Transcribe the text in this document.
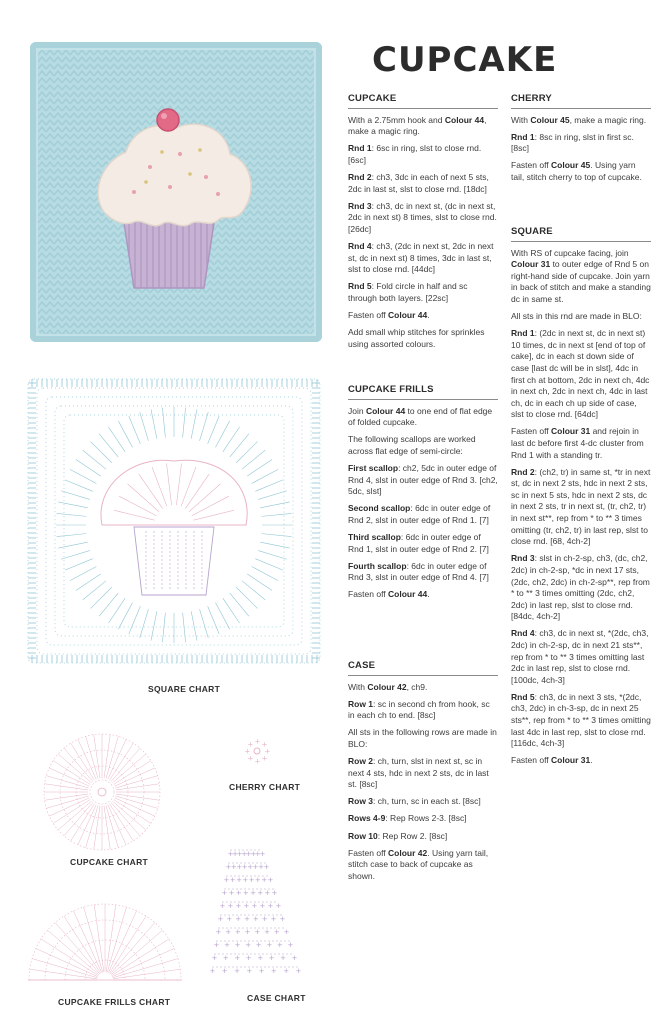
SQUARE CHART
CUPCAKE CHART
+
+
+
+
+
+ + +
CHERRY CHART
CUPCAKE FRILLS CHART
+
+
+
+
+
+
+
+
+ + + + + + + +
+ + + + + + + +
+ + + + + + + +
+ + + + + + + +
+ + + + + + + +
+ + + + + + + +
+ + + + + + + +
+ + + + + + + +
+ + + + + + + +
CASE CHART
CUPCAKE
CUPCAKE
With a 2.75mm hook and Colour 44, make a magic ring.
Rnd 1: 6sc in ring, slst to close rnd. [6sc]
Rnd 2: ch3, 3dc in each of next 5 sts, 2dc in last st, slst to close rnd. [18dc]
Rnd 3: ch3, dc in next st, (dc in next st, 2dc in next st) 8 times, slst to close rnd. [26dc]
Rnd 4: ch3, (2dc in next st, 2dc in next st, dc in next st) 8 times, 3dc in last st, slst to close rnd. [44dc]
Rnd 5: Fold circle in half and sc through both layers. [22sc]
Fasten off Colour 44.
Add small whip stitches for sprinkles using assorted colours.
CUPCAKE FRILLS
Join Colour 44 to one end of flat edge of folded cupcake.
The following scallops are worked across flat edge of semi-circle:
First scallop: ch2, 5dc in outer edge of Rnd 4, slst in outer edge of Rnd 3. [ch2, 5dc, slst]
Second scallop: 6dc in outer edge of Rnd 2, slst in outer edge of Rnd 1. [7]
Third scallop: 6dc in outer edge of Rnd 1, slst in outer edge of Rnd 2. [7]
Fourth scallop: 6dc in outer edge of Rnd 3, slst in outer edge of Rnd 4. [7]
Fasten off Colour 44.
CASE
With Colour 42, ch9.
Row 1: sc in second ch from hook, sc in each ch to end. [8sc]
All sts in the following rows are made in BLO:
Row 2: ch, turn, slst in next st, sc in next 4 sts, hdc in next 2 sts, dc in last st. [8sc]
Row 3: ch, turn, sc in each st. [8sc]
Rows 4-9: Rep Rows 2-3. [8sc]
Row 10: Rep Row 2. [8sc]
Fasten off Colour 42. Using yarn tail, stitch case to back of cupcake as shown.
CHERRY
With Colour 45, make a magic ring.
Rnd 1: 8sc in ring, slst in first sc. [8sc]
Fasten off Colour 45. Using yarn tail, stitch cherry to top of cupcake.
SQUARE
With RS of cupcake facing, join Colour 31 to outer edge of Rnd 5 on right-hand side of cupcake. Join yarn in back of stitch and make a standing dc in same st.
All sts in this rnd are made in BLO:
Rnd 1: (2dc in next st, dc in next st) 10 times, dc in next st [end of top of cake], dc in each st down side of case [last dc will be in slst], 4dc in first ch at bottom, 2dc in next ch, 4dc in next ch, 2dc in next ch, 4dc in last ch, dc in each ch up side of case, slst to close rnd. [64dc]
Fasten off Colour 31 and rejoin in last dc before first 4-dc cluster from Rnd 1 with a standing tr.
Rnd 2: (ch2, tr) in same st, *tr in next st, dc in next 2 sts, hdc in next 2 sts, sc in next 5 sts, hdc in next 2 sts, dc in next 2 sts, tr in next st, (tr, ch2, tr) in next st**, rep from * to ** 3 times omitting (tr, ch2, tr) in last rep, slst to close rnd. [68, 4ch-2]
Rnd 3: slst in ch-2-sp, ch3, (dc, ch2, 2dc) in ch-2-sp, *dc in next 17 sts, (2dc, ch2, 2dc) in ch-2-sp**, rep from * to ** 3 times omitting (2dc, ch2, 2dc) in last rep, slst to close rnd. [84dc, 4ch-2]
Rnd 4: ch3, dc in next st, *(2dc, ch3, 2dc) in ch-2-sp, dc in next 21 sts**, rep from * to ** 3 times omitting last 2dc in last rep, slst to close rnd. [100dc, 4ch-3]
Rnd 5: ch3, dc in next 3 sts, *(2dc, ch3, 2dc) in ch-3-sp, dc in next 25 sts**, rep from * to ** 3 times omitting last 4dc in last rep, slst to close rnd. [116dc, 4ch-3]
Fasten off Colour 31.
